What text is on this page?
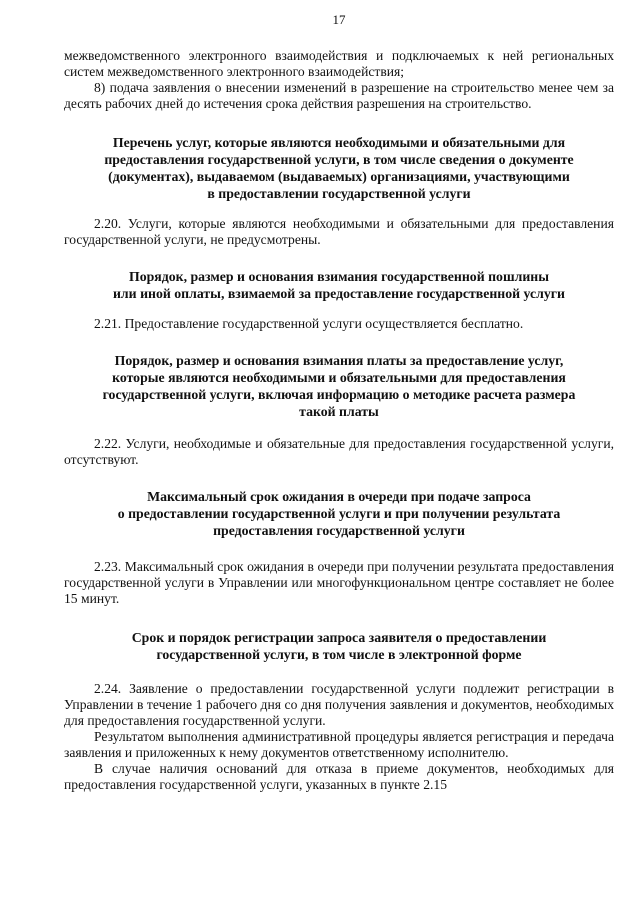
17

межведомственного электронного взаимодействия и подключаемых к ней региональных систем межведомственного электронного взаимодействия;

8) подача заявления о внесении изменений в разрешение на строительство менее чем за десять рабочих дней до истечения срока действия разрешения на строительство.

Перечень услуг, которые являются необходимыми и обязательными для
предоставления государственной услуги, в том числе сведения о документе
(документах), выдаваемом (выдаваемых) организациями, участвующими
в предоставлении государственной услуги

2.20. Услуги, которые являются необходимыми и обязательными для предоставления государственной услуги, не предусмотрены.

Порядок, размер и основания взимания государственной пошлины
или иной оплаты, взимаемой за предоставление государственной услуги

2.21. Предоставление государственной услуги осуществляется бесплатно.

Порядок, размер и основания взимания платы за предоставление услуг,
которые являются необходимыми и обязательными для предоставления
государственной услуги, включая информацию о методике расчета размера
такой платы

2.22. Услуги, необходимые и обязательные для предоставления государственной услуги, отсутствуют.

Максимальный срок ожидания в очереди при подаче запроса
о предоставлении государственной услуги и при получении результата
предоставления государственной услуги

2.23. Максимальный срок ожидания в очереди при получении результата предоставления государственной услуги в Управлении или многофункциональном центре составляет не более 15 минут.

Срок и порядок регистрации запроса заявителя о предоставлении
государственной услуги, в том числе в электронной форме

2.24. Заявление о предоставлении государственной услуги подлежит регистрации в Управлении в течение 1 рабочего дня со дня получения заявления и документов, необходимых для предоставления государственной услуги.

Результатом выполнения административной процедуры является регистрация и передача заявления и приложенных к нему документов ответственному исполнителю.

В случае наличия оснований для отказа в приеме документов, необходимых для предоставления государственной услуги, указанных в пункте 2.15
